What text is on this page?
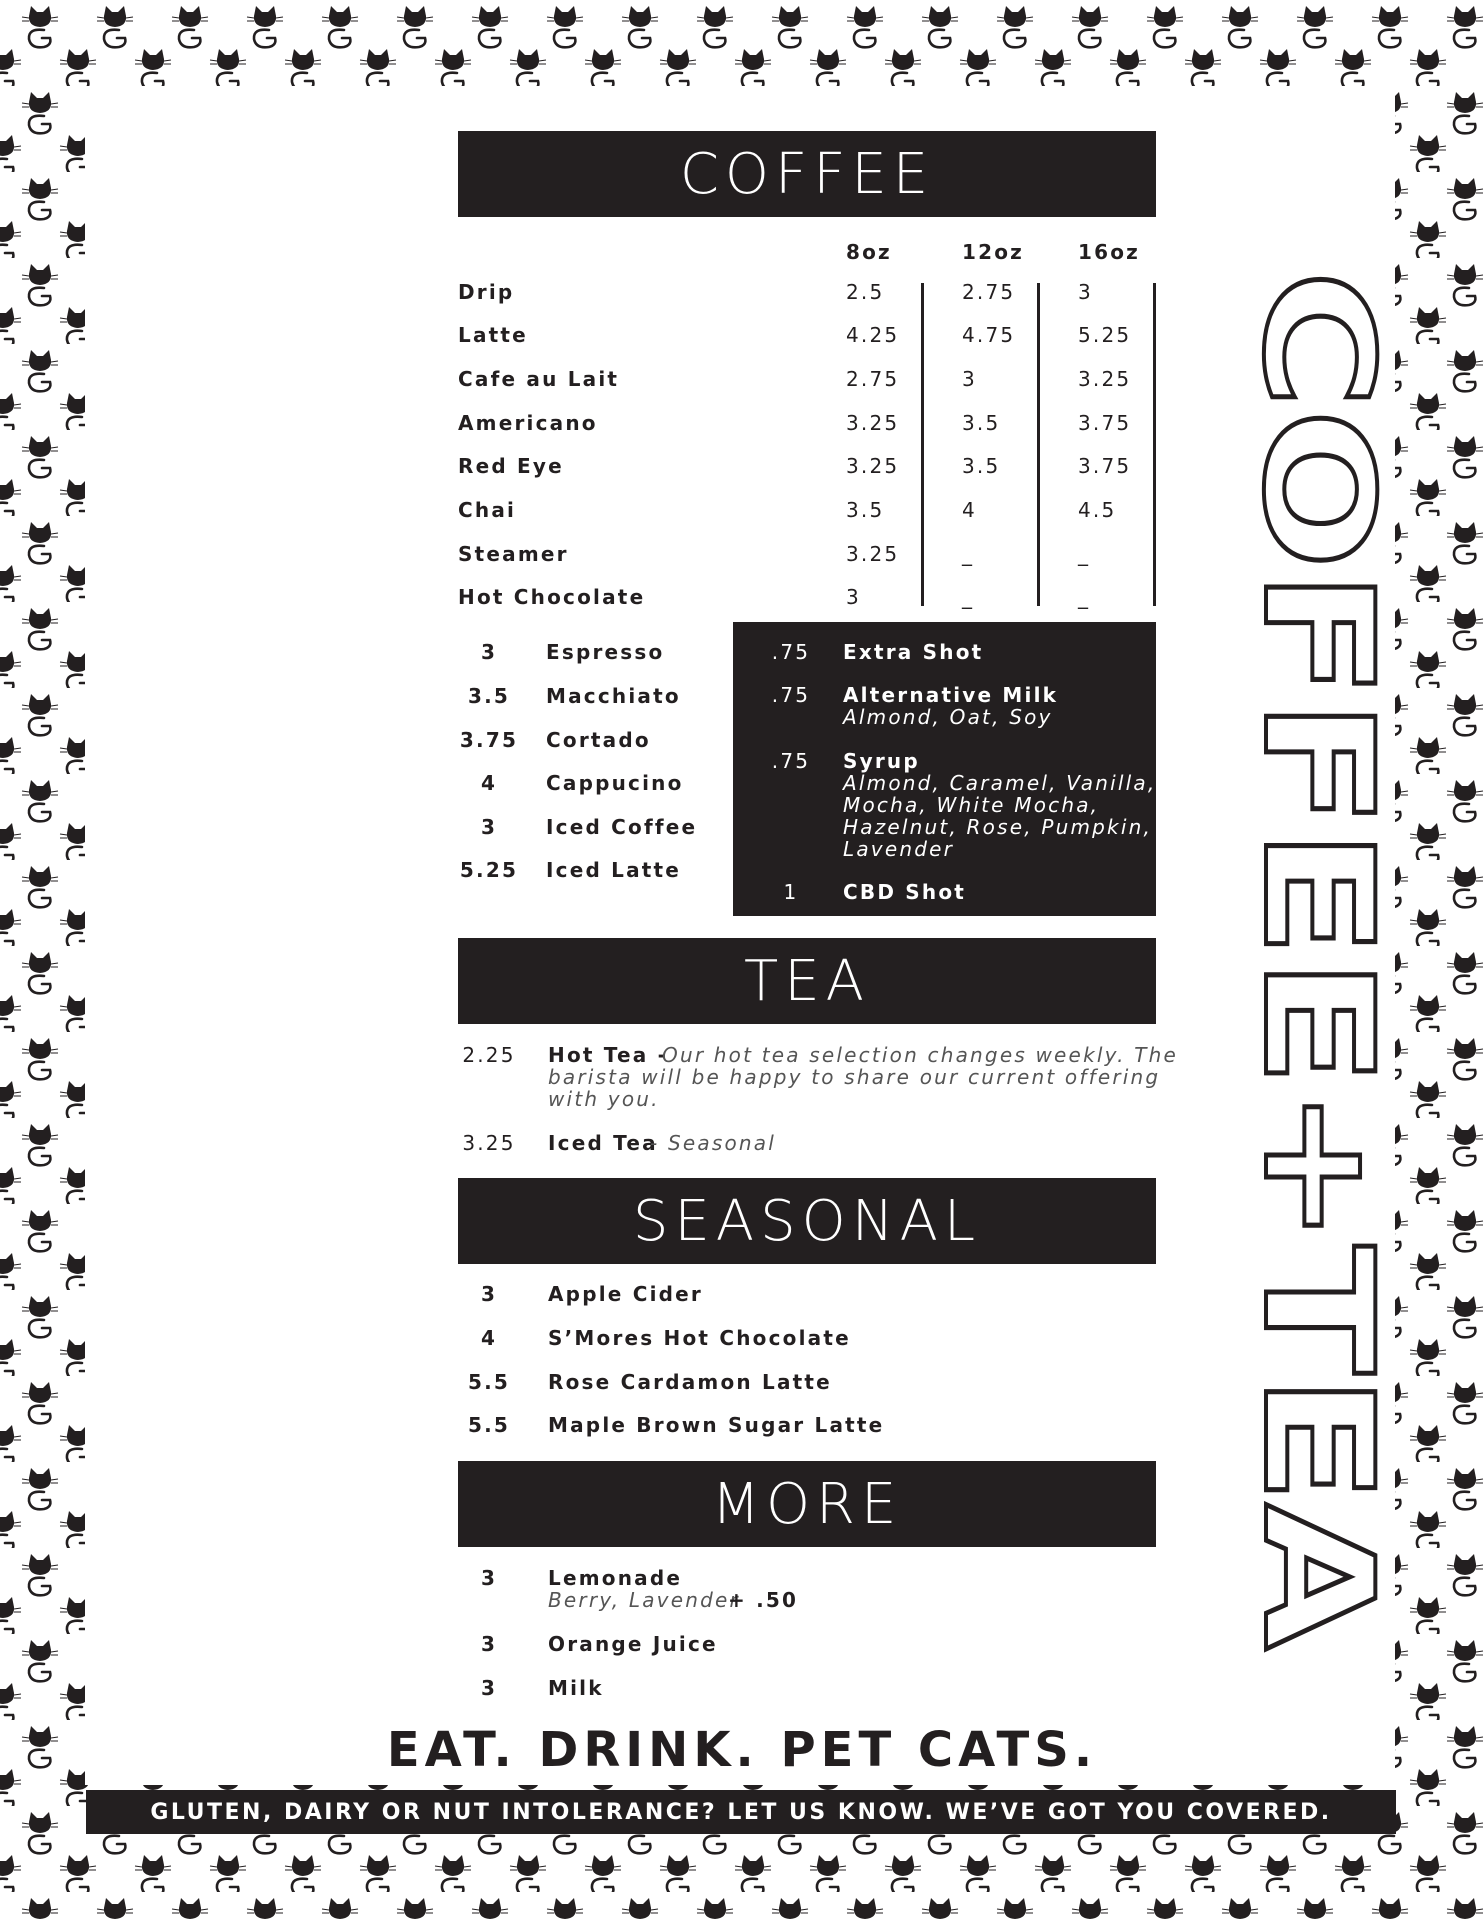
COFFEE
8oz	12oz	16oz
Drip	2.5	2.75	3
Latte	4.25	4.75	5.25
Cafe au Lait	2.75	3	3.25
Americano	3.25	3.5	3.75
Red Eye	3.25	3.5	3.75
Chai	3.5	4	4.5
Steamer	3.25	_	_
Hot Chocolate	3	_	_
3	Espresso
3.5	Macchiato
3.75 Cortado
4	Cappucino
3	Iced Coffee
5.25 Iced Latte
.75	Extra Shot
.75	Alternative Milk
Almond, Oat, Soy
.75	Syrup
Almond, Caramel, Vanilla,
Mocha, White Mocha,
Hazelnut, Rose, Pumpkin,
Lavender
1	CBD Shot
TEA
2.25	Hot Tea -
Our hot tea selection changes weekly. The
barista will be happy to share our current offering
with you.
3.25	Iced Tea
- Seasonal
SEASONAL
3	Apple Cider
4	S’Mores Hot Chocolate
5.5	Rose Cardamon Latte
5.5	Maple Brown Sugar Latte
MORE
3	Lemonade
Berry, Lavender
+ .50
3	Orange Juice
3	Milk
COFFEE+TEA
EAT. DRINK. PET CATS.
GLUTEN, DAIRY OR NUT INTOLERANCE? LET US KNOW. WE’VE GOT YOU COVERED.
